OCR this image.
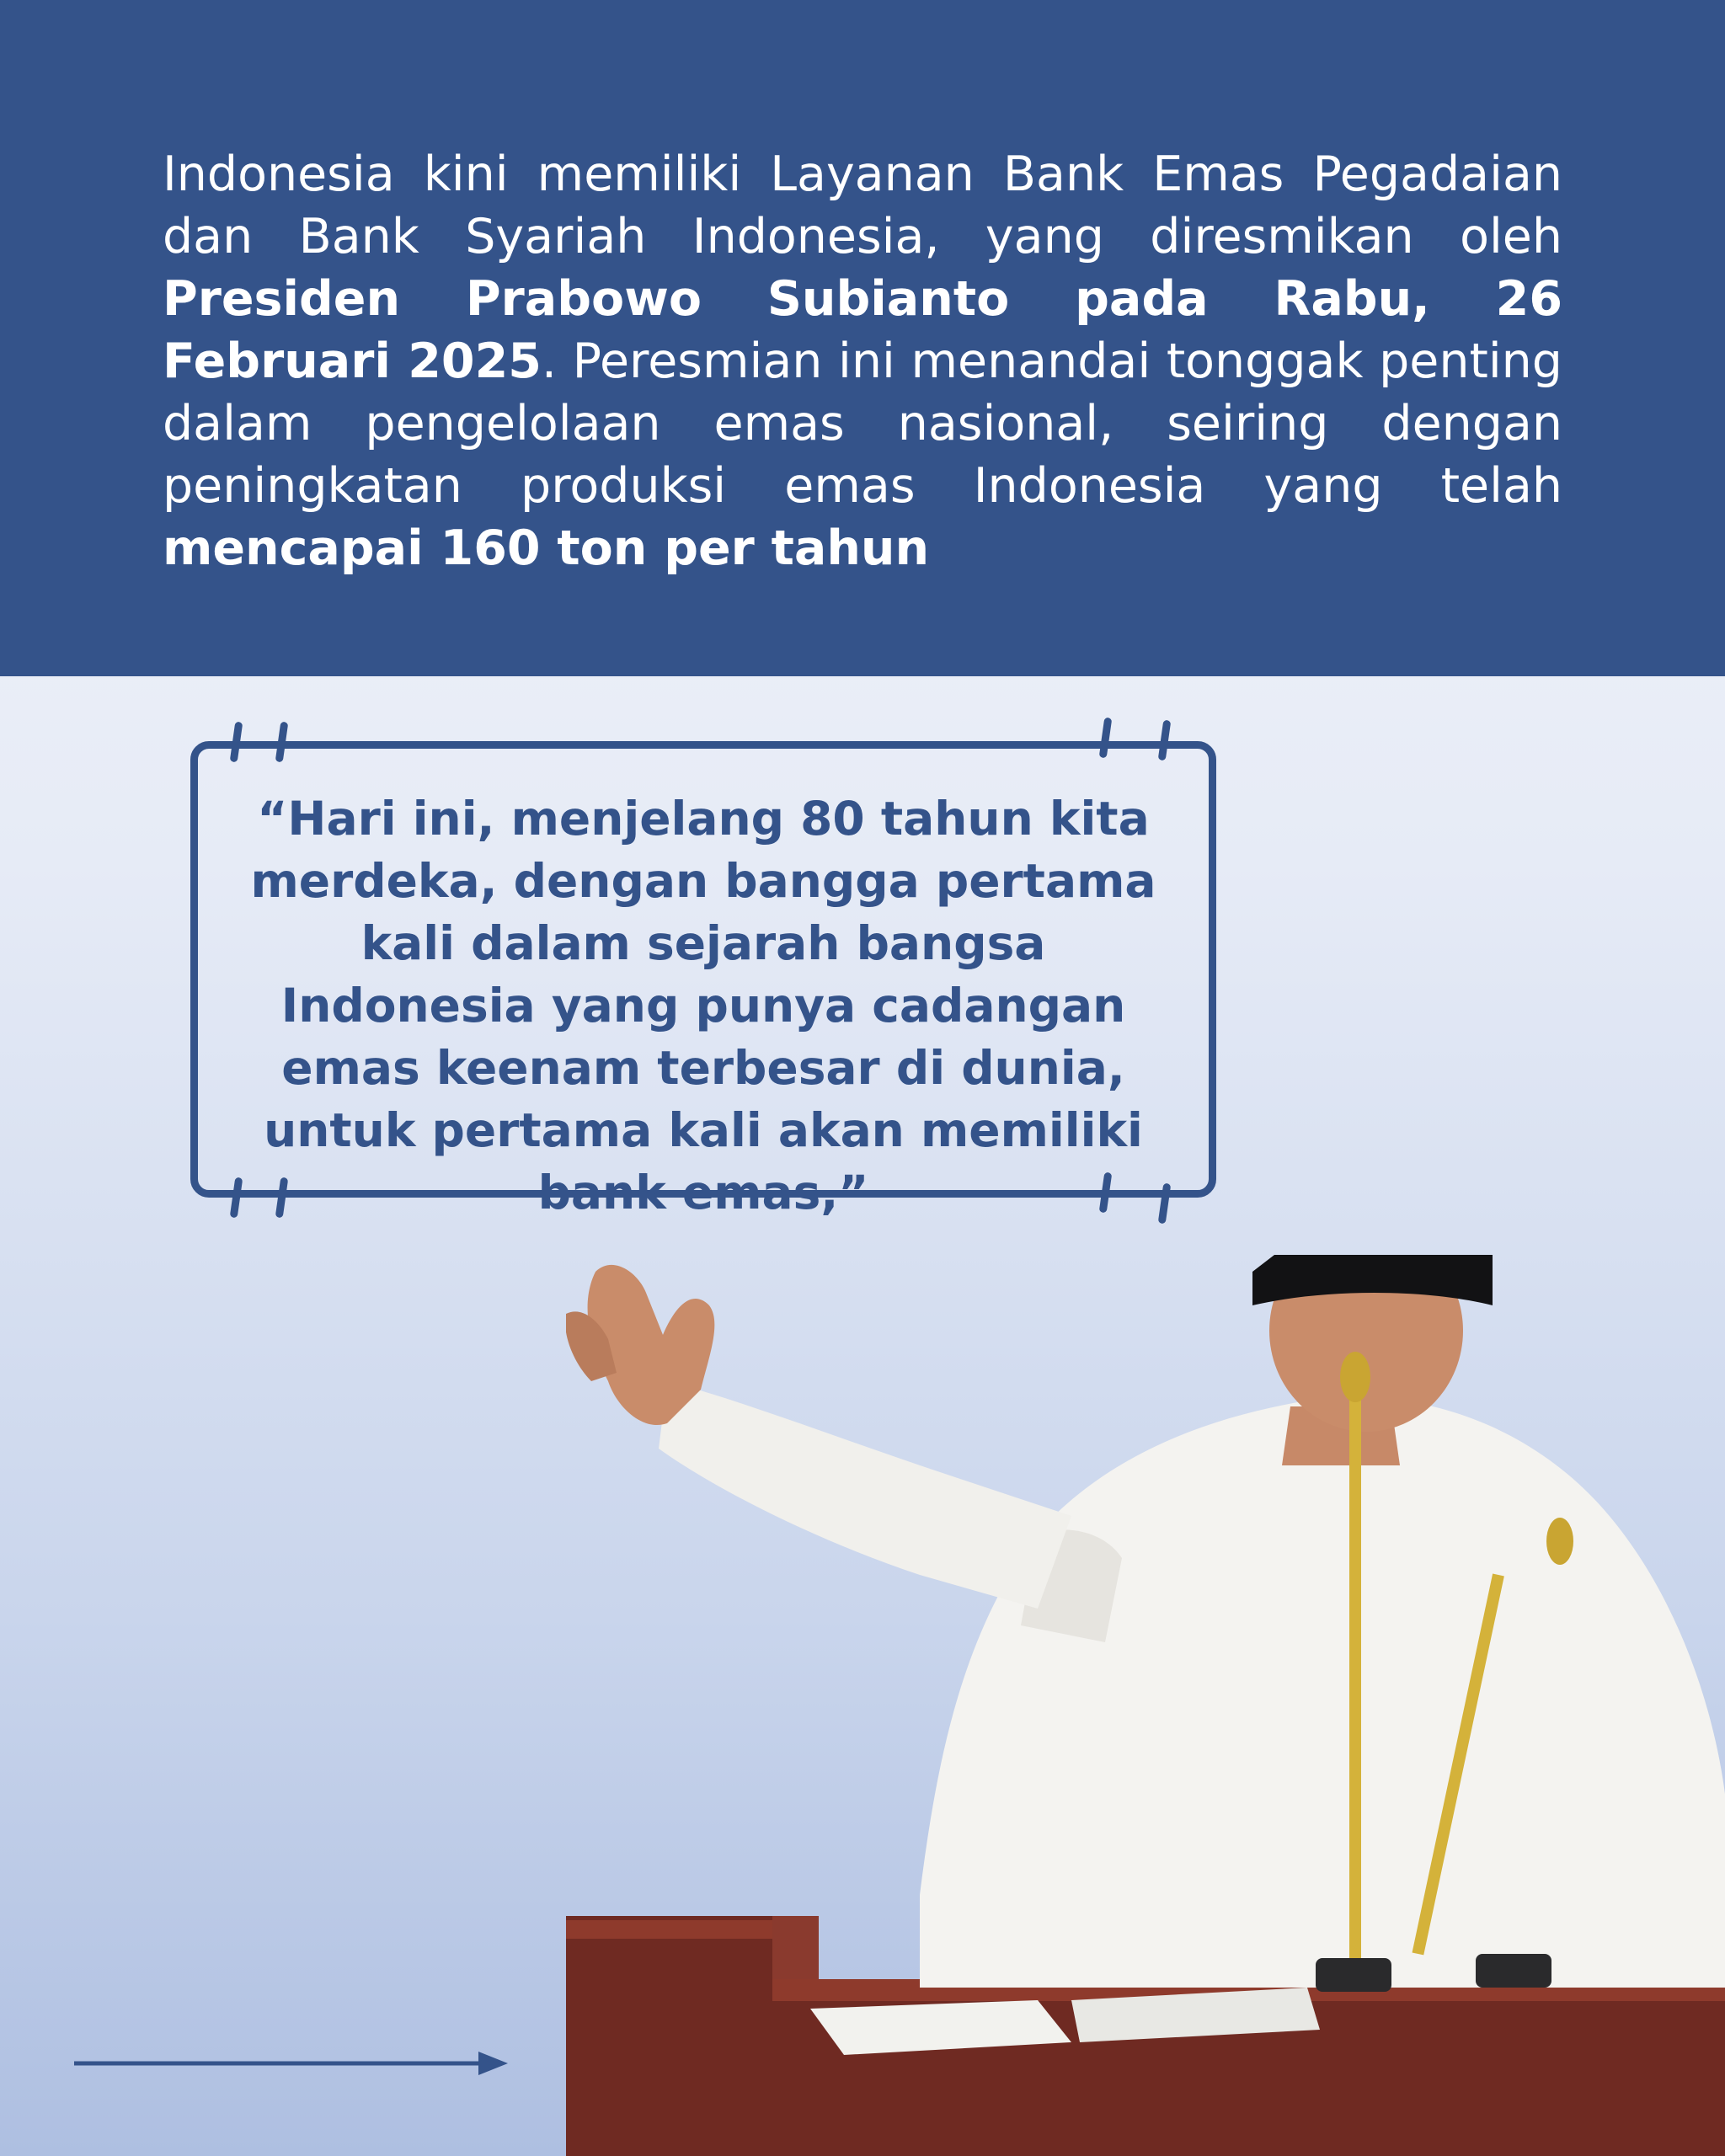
Indonesia kini memiliki Layanan Bank Emas Pegadaian dan Bank Syariah Indonesia, yang diresmikan oleh Presiden Prabowo Subianto pada Rabu, 26 Februari 2025. Peresmian ini menandai tonggak penting dalam pengelolaan emas nasional, seiring dengan peningkatan produksi emas Indonesia yang telah mencapai 160 ton per tahun

“Hari ini, menjelang 80 tahun kita merdeka, dengan bangga pertama kali dalam sejarah bangsa Indonesia yang punya cadangan emas keenam terbesar di dunia, untuk pertama kali akan memiliki bank emas,”
